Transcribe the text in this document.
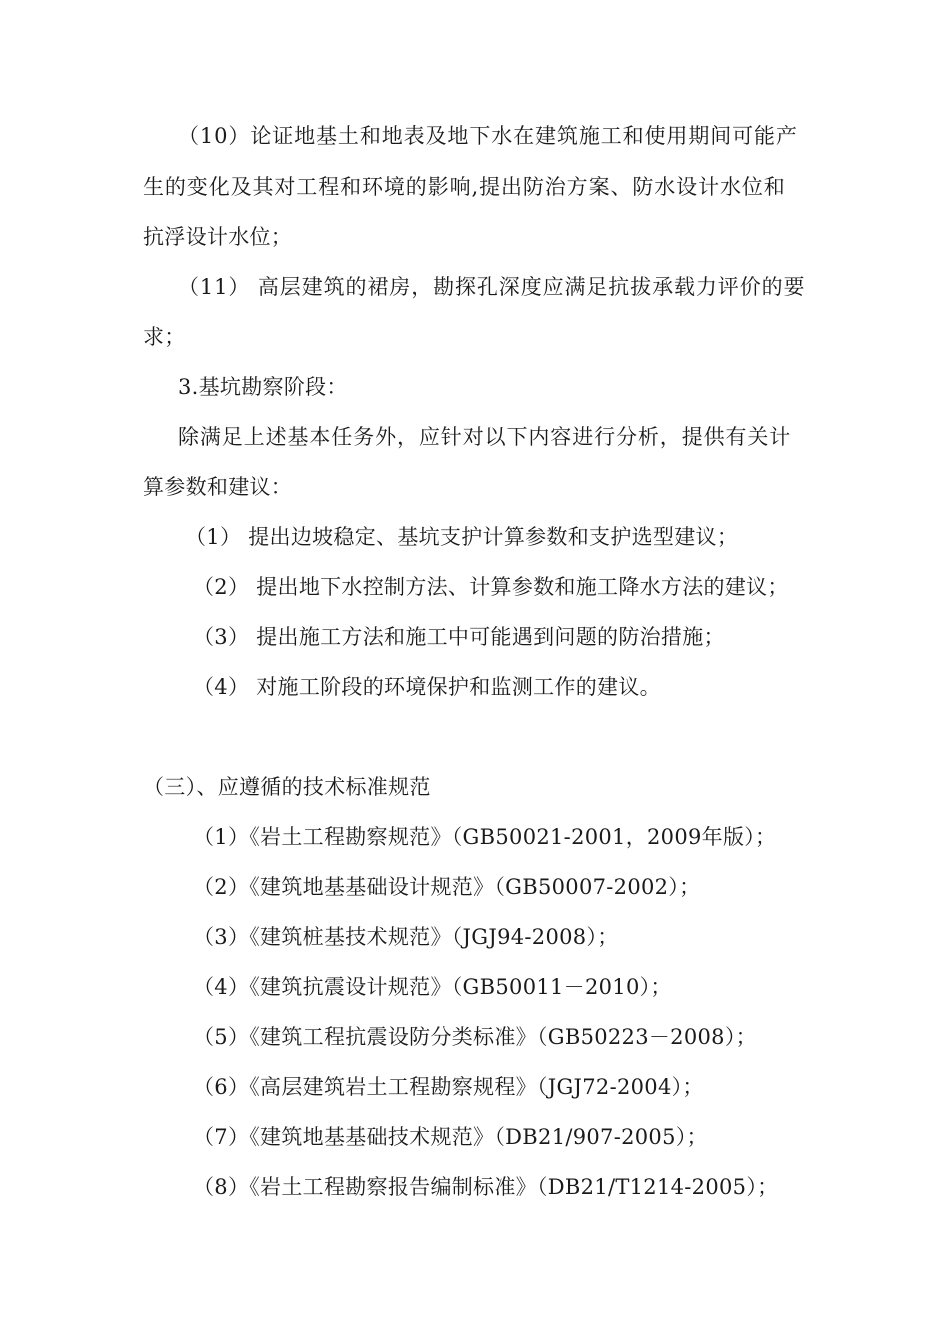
（10）论证地基土和地表及地下水在建筑施工和使用期间可能产
生的变化及其对工程和环境的影响,提出防治方案、防水设计水位和
抗浮设计水位；
（11） 高层建筑的裙房，勘探孔深度应满足抗拔承载力评价的要
求；
3.基坑勘察阶段：
除满足上述基本任务外，应针对以下内容进行分析，提供有关计
算参数和建议：
（1） 提出边坡稳定、基坑支护计算参数和支护选型建议；
（2） 提出地下水控制方法、计算参数和施工降水方法的建议；
（3） 提出施工方法和施工中可能遇到问题的防治措施；
（4） 对施工阶段的环境保护和监测工作的建议。
（三）、应遵循的技术标准规范
（1）《岩土工程勘察规范》（GB50021-2001，2009年版）；
（2）《建筑地基基础设计规范》（GB50007-2002）；
（3）《建筑桩基技术规范》（JGJ94-2008）；
（4）《建筑抗震设计规范》（GB50011－2010）；
（5）《建筑工程抗震设防分类标准》（GB50223－2008）；
（6）《高层建筑岩土工程勘察规程》（JGJ72-2004）；
（7）《建筑地基基础技术规范》（DB21/907-2005）；
（8）《岩土工程勘察报告编制标准》（DB21/T1214-2005）；
